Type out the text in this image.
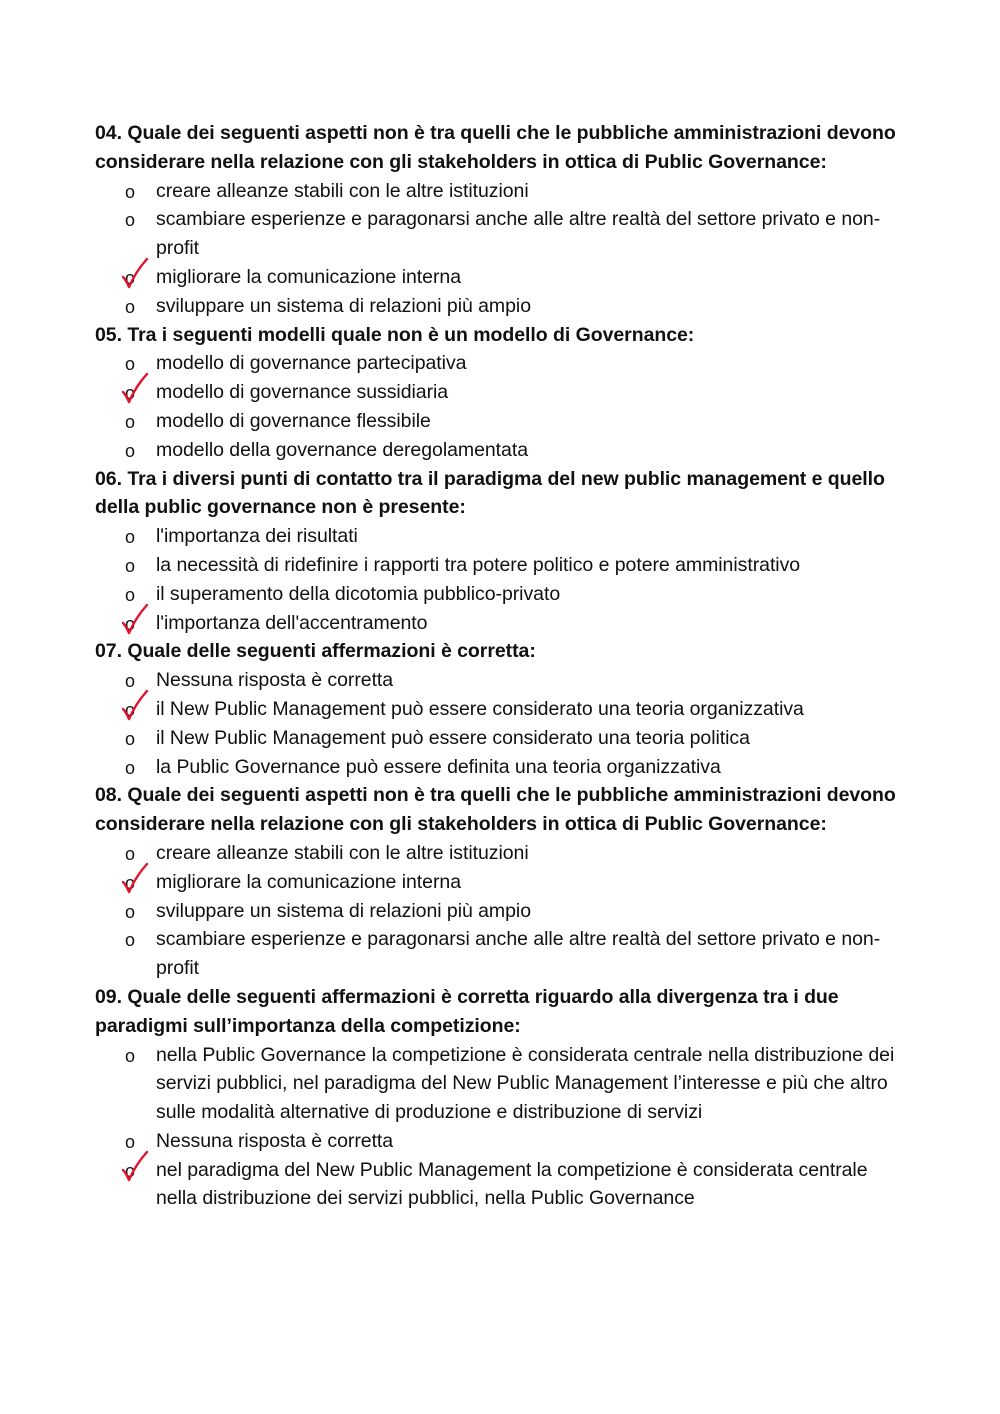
04. Quale dei seguenti aspetti non è tra quelli che le pubbliche amministrazioni devono considerare nella relazione con gli stakeholders in ottica di Public Governance:

o	creare alleanze stabili con le altre istituzioni
o	scambiare esperienze e paragonarsi anche alle altre realtà del settore privato e non-profit
o	migliorare la comunicazione interna
o	sviluppare un sistema di relazioni più ampio

05. Tra i seguenti modelli quale non è un modello di Governance:

o	modello di governance partecipativa
o	modello di governance sussidiaria
o	modello di governance flessibile
o	modello della governance deregolamentata

06. Tra i diversi punti di contatto tra il paradigma del new public management e quello della public governance non è presente:

o	l'importanza dei risultati
o	la necessità di ridefinire i rapporti tra potere politico e potere amministrativo
o	il superamento della dicotomia pubblico-privato
o	l'importanza dell'accentramento

07. Quale delle seguenti affermazioni è corretta:

o	Nessuna risposta è corretta
o	il New Public Management può essere considerato una teoria organizzativa
o	il New Public Management può essere considerato una teoria politica
o	la Public Governance può essere definita una teoria organizzativa

08. Quale dei seguenti aspetti non è tra quelli che le pubbliche amministrazioni devono considerare nella relazione con gli stakeholders in ottica di Public Governance:

o	creare alleanze stabili con le altre istituzioni
o	migliorare la comunicazione interna
o	sviluppare un sistema di relazioni più ampio
o	scambiare esperienze e paragonarsi anche alle altre realtà del settore privato e non-profit

09. Quale delle seguenti affermazioni è corretta riguardo alla divergenza tra i due paradigmi sull’importanza della competizione:

o	nella Public Governance la competizione è considerata centrale nella distribuzione dei servizi pubblici, nel paradigma del New Public Management l’interesse e più che altro sulle modalità alternative di produzione e distribuzione di servizi
o	Nessuna risposta è corretta
o	nel paradigma del New Public Management la competizione è considerata centrale nella distribuzione dei servizi pubblici, nella Public Governance
